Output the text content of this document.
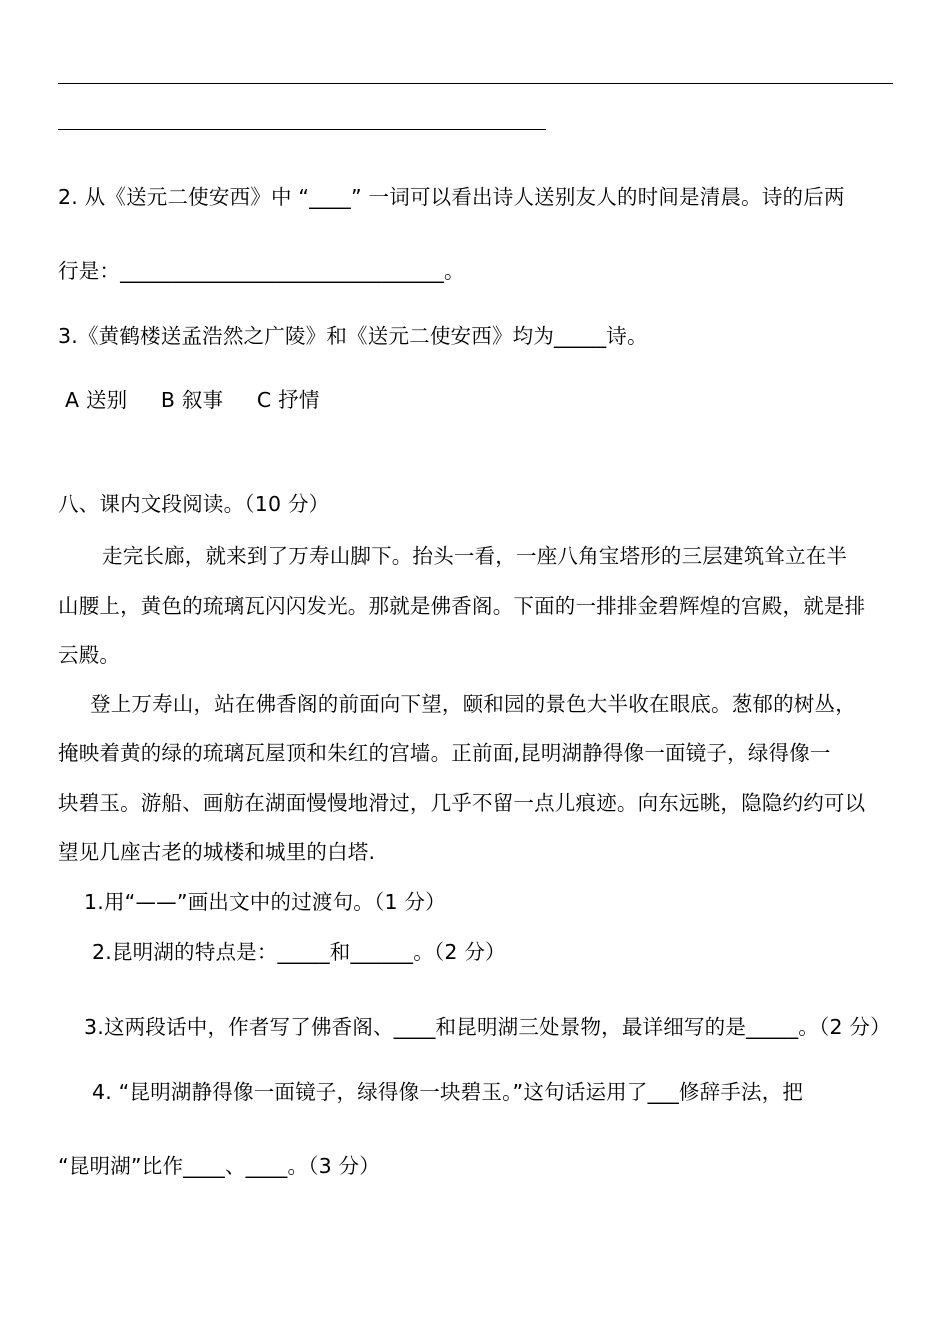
2. 从《送元二使安西》中 “____” 一词可以看出诗人送别友人的时间是清晨。诗的后两
行是：_______________________________。
3.《黄鹤楼送孟浩然之广陵》和《送元二使安西》均为_____诗。
A 送别     B 叙事     C 抒情
八、课内文段阅读。（10 分）
走完长廊，就来到了万寿山脚下。抬头一看，一座八角宝塔形的三层建筑耸立在半
山腰上，黄色的琉璃瓦闪闪发光。那就是佛香阁。下面的一排排金碧辉煌的宫殿，就是排
云殿。
登上万寿山，站在佛香阁的前面向下望，颐和园的景色大半收在眼底。葱郁的树丛，
掩映着黄的绿的琉璃瓦屋顶和朱红的宫墙。正前面,昆明湖静得像一面镜子，绿得像一
块碧玉。游船、画舫在湖面慢慢地滑过，几乎不留一点儿痕迹。向东远眺，隐隐约约可以
望见几座古老的城楼和城里的白塔.
1.用“——”画出文中的过渡句。（1 分）
2.昆明湖的特点是：_____和______。（2 分）
3.这两段话中，作者写了佛香阁、____和昆明湖三处景物，最详细写的是_____。（2 分）
4. “昆明湖静得像一面镜子，绿得像一块碧玉。”这句话运用了___修辞手法，把
“昆明湖”比作____、____。（3 分）
